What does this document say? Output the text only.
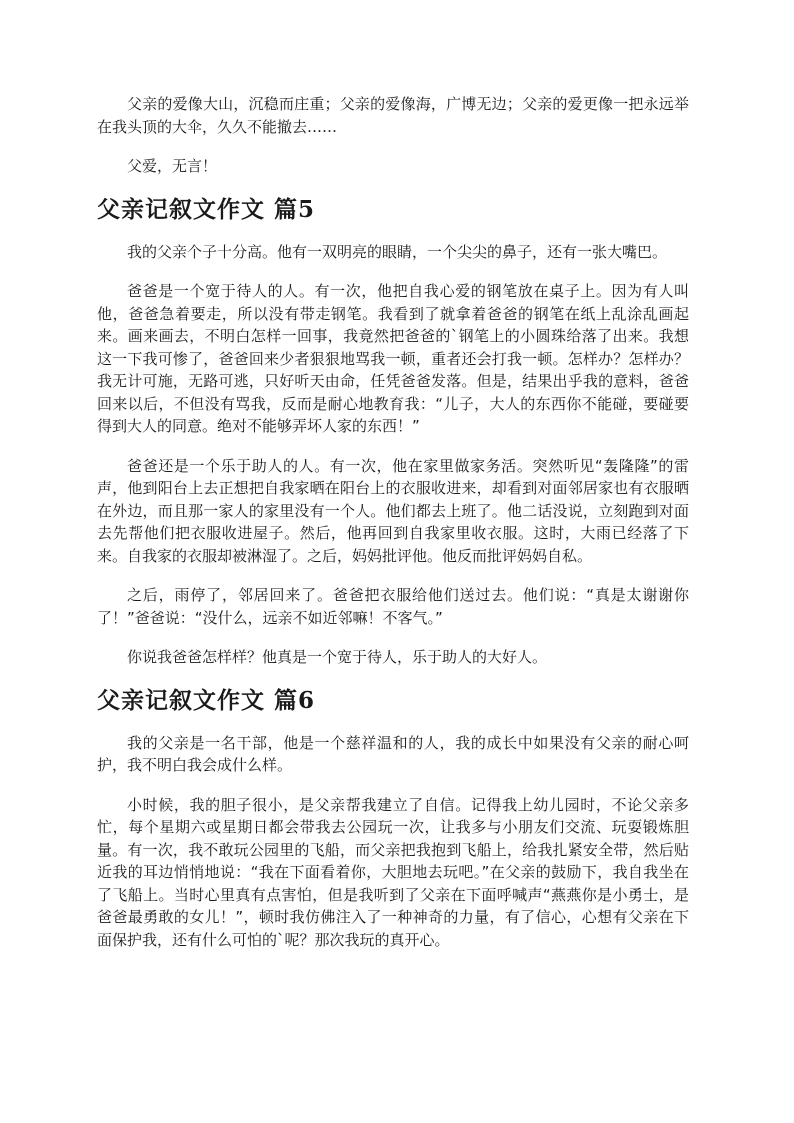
父亲的爱像大山，沉稳而庄重；父亲的爱像海，广博无边；父亲的爱更像一把永远举在我头顶的大伞，久久不能撤去……

父爱，无言！

父亲记叙文作文 篇5

我的父亲个子十分高。他有一双明亮的眼睛，一个尖尖的鼻子，还有一张大嘴巴。

爸爸是一个宽于待人的人。有一次，他把自我心爱的钢笔放在桌子上。因为有人叫他，爸爸急着要走，所以没有带走钢笔。我看到了就拿着爸爸的钢笔在纸上乱涂乱画起来。画来画去，不明白怎样一回事，我竟然把爸爸的`钢笔上的小圆珠给落了出来。我想这一下我可惨了，爸爸回来少者狠狠地骂我一顿，重者还会打我一顿。怎样办？怎样办？我无计可施，无路可逃，只好听天由命，任凭爸爸发落。但是，结果出乎我的意料，爸爸回来以后，不但没有骂我，反而是耐心地教育我：“儿子，大人的东西你不能碰，要碰要得到大人的同意。绝对不能够弄坏人家的东西！”

爸爸还是一个乐于助人的人。有一次，他在家里做家务活。突然听见“轰隆隆”的雷声，他到阳台上去正想把自我家晒在阳台上的衣服收进来，却看到对面邻居家也有衣服晒在外边，而且那一家人的家里没有一个人。他们都去上班了。他二话没说，立刻跑到对面去先帮他们把衣服收进屋子。然后，他再回到自我家里收衣服。这时，大雨已经落了下来。自我家的衣服却被淋湿了。之后，妈妈批评他。他反而批评妈妈自私。

之后，雨停了，邻居回来了。爸爸把衣服给他们送过去。他们说：“真是太谢谢你了！”爸爸说：“没什么，远亲不如近邻嘛！不客气。”

你说我爸爸怎样样？他真是一个宽于待人，乐于助人的大好人。

父亲记叙文作文 篇6

我的父亲是一名干部，他是一个慈祥温和的人，我的成长中如果没有父亲的耐心呵护，我不明白我会成什么样。

小时候，我的胆子很小，是父亲帮我建立了自信。记得我上幼儿园时，不论父亲多忙，每个星期六或星期日都会带我去公园玩一次，让我多与小朋友们交流、玩耍锻炼胆量。有一次，我不敢玩公园里的飞船，而父亲把我抱到飞船上，给我扎紧安全带，然后贴近我的耳边悄悄地说：“我在下面看着你，大胆地去玩吧。”在父亲的鼓励下，我自我坐在了飞船上。当时心里真有点害怕，但是我听到了父亲在下面呼喊声“燕燕你是小勇士，是爸爸最勇敢的女儿！”，顿时我仿佛注入了一种神奇的力量，有了信心，心想有父亲在下面保护我，还有什么可怕的`呢？那次我玩的真开心。
